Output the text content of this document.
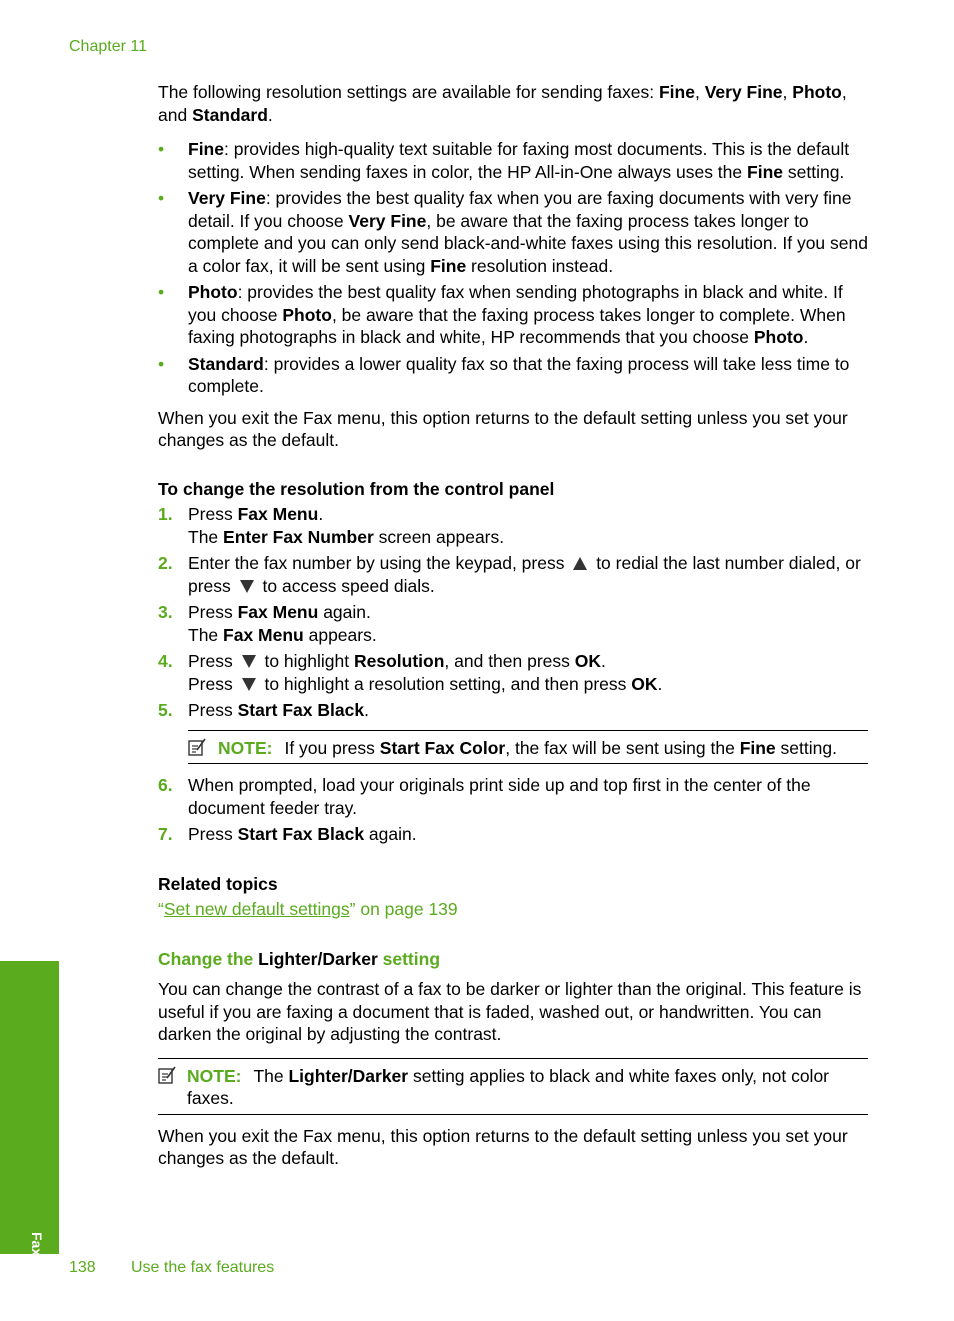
Chapter 11

The following resolution settings are available for sending faxes: Fine, Very Fine, Photo, and Standard.

• Fine: provides high-quality text suitable for faxing most documents. This is the default setting. When sending faxes in color, the HP All-in-One always uses the Fine setting.
• Very Fine: provides the best quality fax when you are faxing documents with very fine detail. If you choose Very Fine, be aware that the faxing process takes longer to complete and you can only send black-and-white faxes using this resolution. If you send a color fax, it will be sent using Fine resolution instead.
• Photo: provides the best quality fax when sending photographs in black and white. If you choose Photo, be aware that the faxing process takes longer to complete. When faxing photographs in black and white, HP recommends that you choose Photo.
• Standard: provides a lower quality fax so that the faxing process will take less time to complete.

When you exit the Fax menu, this option returns to the default setting unless you set your changes as the default.

To change the resolution from the control panel

1. Press Fax Menu.
The Enter Fax Number screen appears.
2. Enter the fax number by using the keypad, press  to redial the last number dialed, or press  to access speed dials.
3. Press Fax Menu again.
The Fax Menu appears.
4. Press  to highlight Resolution, and then press OK.
Press  to highlight a resolution setting, and then press OK.
5. Press Start Fax Black.
NOTE: If you press Start Fax Color, the fax will be sent using the Fine setting.
6. When prompted, load your originals print side up and top first in the center of the document feeder tray.
7. Press Start Fax Black again.

Related topics

“Set new default settings” on page 139

Change the Lighter/Darker setting

You can change the contrast of a fax to be darker or lighter than the original. This feature is useful if you are faxing a document that is faded, washed out, or handwritten. You can darken the original by adjusting the contrast.

NOTE: The Lighter/Darker setting applies to black and white faxes only, not color faxes.

When you exit the Fax menu, this option returns to the default setting unless you set your changes as the default.

Fax
138 Use the fax features
